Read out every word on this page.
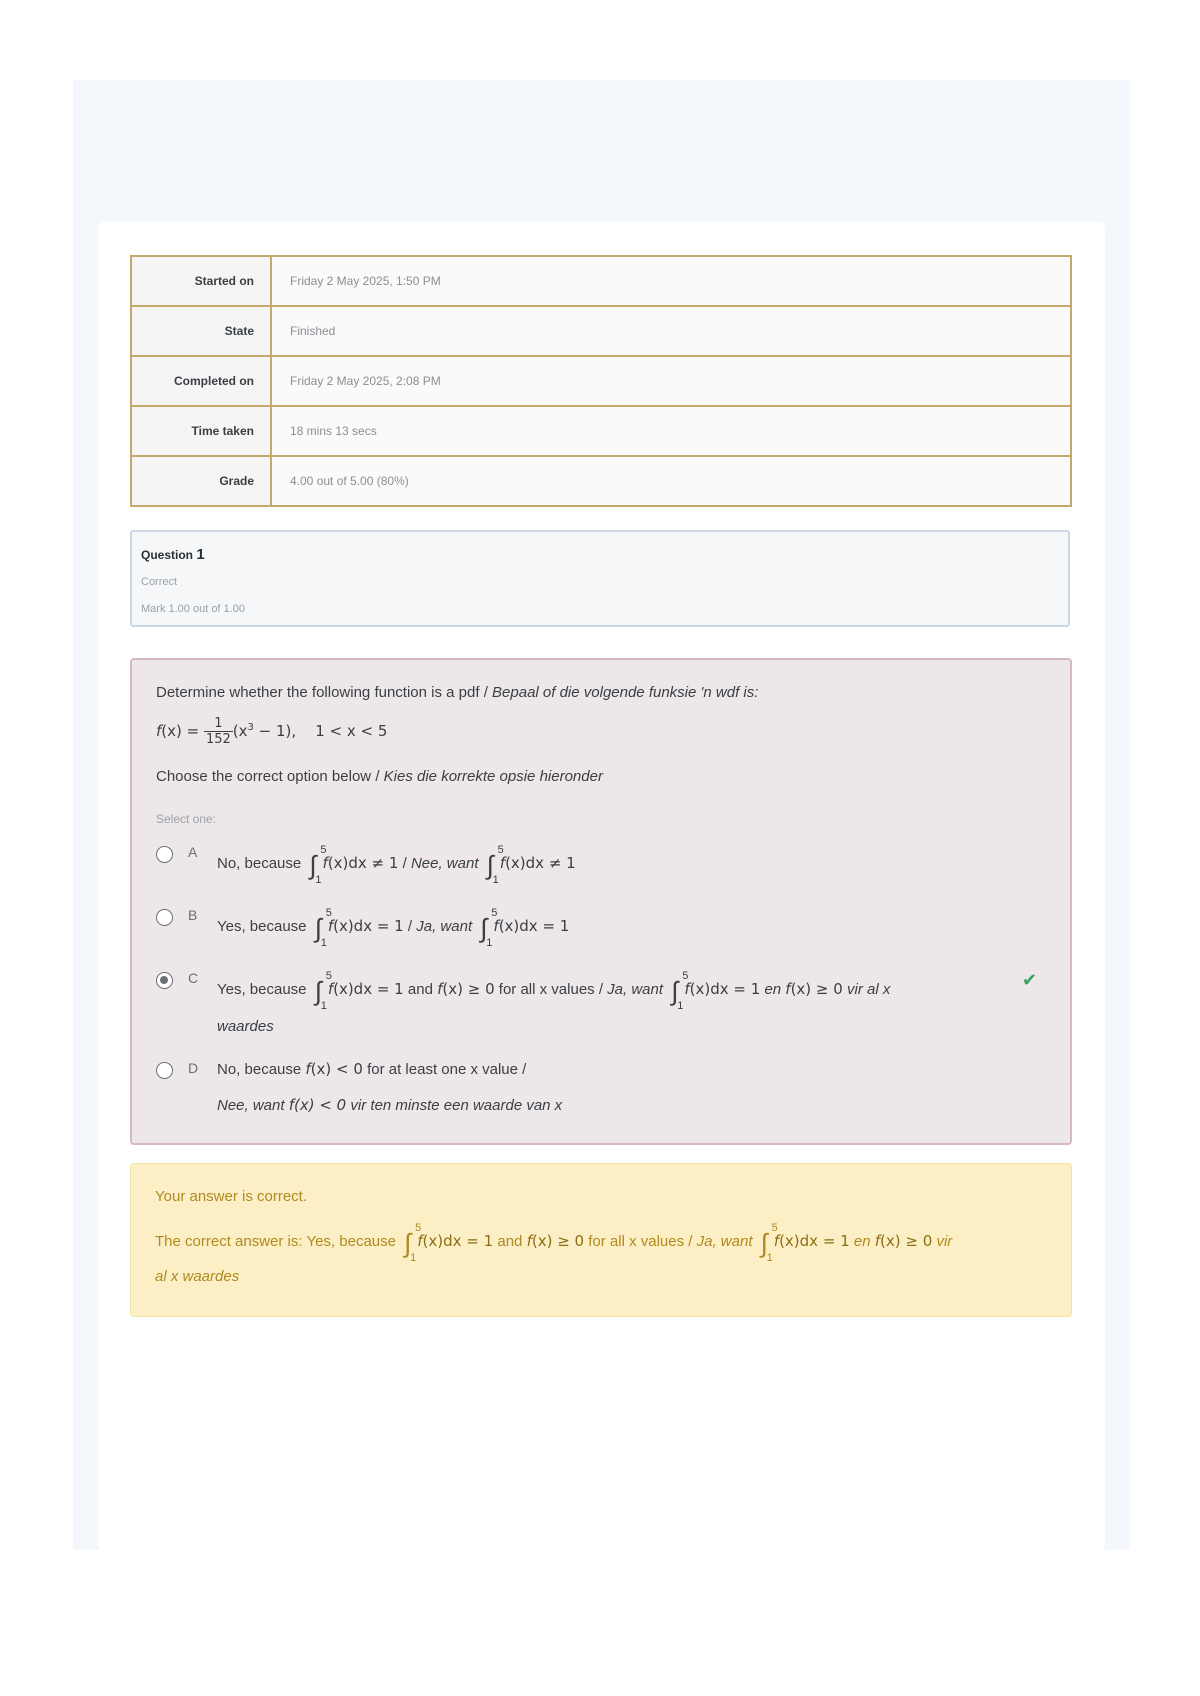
Started on	Friday 2 May 2025, 1:50 PM
State	Finished
Completed on	Friday 2 May 2025, 2:08 PM
Time taken	18 mins 13 secs
Grade	4.00 out of 5.00 (80%)
Question 1
Correct
Mark 1.00 out of 1.00
Determine whether the following function is a pdf / Bepaal of die volgende funksie 'n wdf is:
$f(x) = \frac{1}{152} (x^3 - 1)$,    1 < x < 5
Choose the correct option below / Kies die korrekte opsie hieronder
Select one:
A
No, because ∫ 5
1
f(x)dx ≠ 1 / Nee, want ∫ 5
1
f(x)dx ≠ 1
B
Yes, because ∫ 5
1
f(x)dx = 1 / Ja, want ∫ 5
1
f(x)dx = 1
C
Yes, because ∫ 5
1
f(x)dx = 1 and f(x) ≥ 0 for all x values / Ja, want ∫ 5
1
f(x)dx = 1 en f(x) ≥ 0 vir al x
waardes
✔
D No, because f(x) < 0 for at least one x value /
Nee, want f(x) < 0 vir ten minste een waarde van x
Your answer is correct.
The correct answer is: Yes, because ∫ 5
1
f(x)dx = 1 and f(x) ≥ 0 for all x values / Ja, want ∫ 5
1
f(x)dx = 1 en f(x) ≥ 0 vir
al x waardes
